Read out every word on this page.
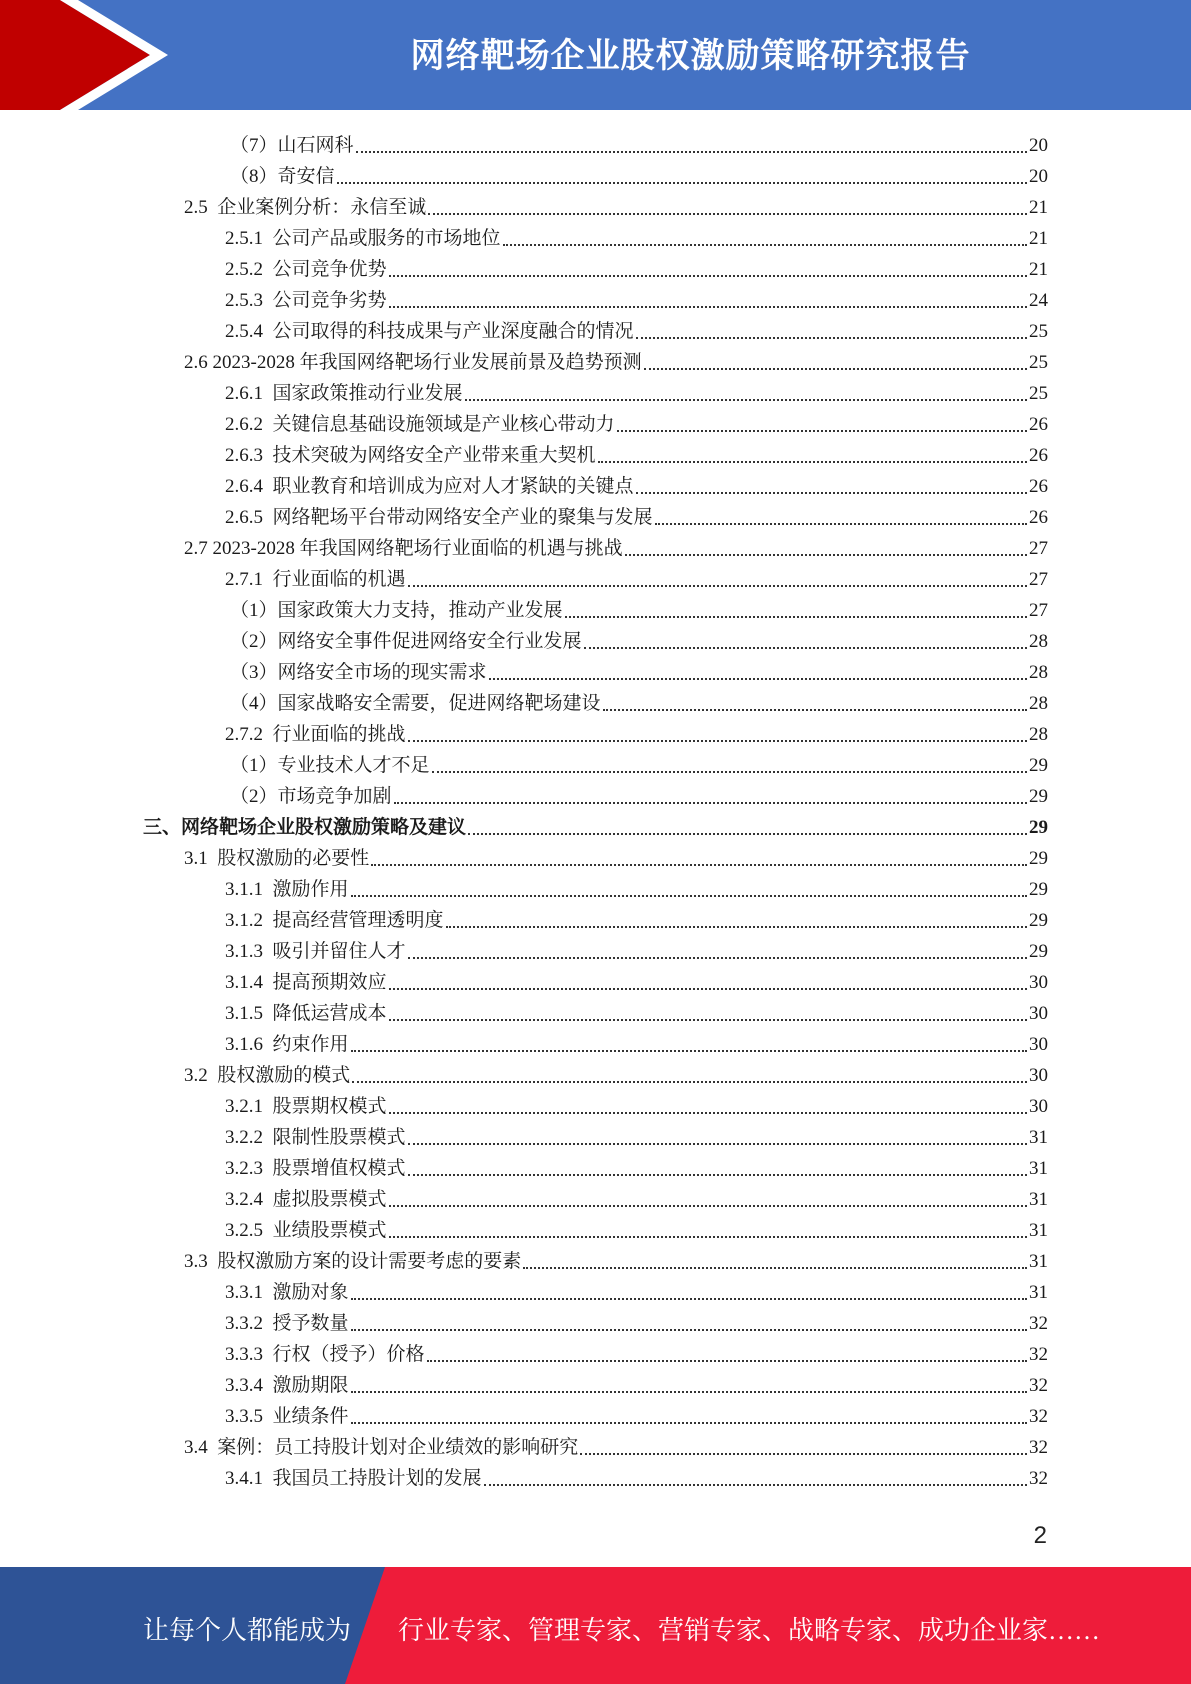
网络靶场企业股权激励策略研究报告
（7）山石网科	20
（8）奇安信	20
2.5  企业案例分析：永信至诚	21
2.5.1  公司产品或服务的市场地位	21
2.5.2  公司竞争优势	21
2.5.3  公司竞争劣势	24
2.5.4  公司取得的科技成果与产业深度融合的情况	25
2.6 2023-2028 年我国网络靶场行业发展前景及趋势预测	25
2.6.1  国家政策推动行业发展	25
2.6.2  关键信息基础设施领域是产业核心带动力	26
2.6.3  技术突破为网络安全产业带来重大契机	26
2.6.4  职业教育和培训成为应对人才紧缺的关键点	26
2.6.5  网络靶场平台带动网络安全产业的聚集与发展	26
2.7 2023-2028 年我国网络靶场行业面临的机遇与挑战	27
2.7.1  行业面临的机遇	27
（1）国家政策大力支持，推动产业发展	27
（2）网络安全事件促进网络安全行业发展	28
（3）网络安全市场的现实需求	28
（4）国家战略安全需要，促进网络靶场建设	28
2.7.2  行业面临的挑战	28
（1）专业技术人才不足	29
（2）市场竞争加剧	29
三、网络靶场企业股权激励策略及建议	29
3.1  股权激励的必要性	29
3.1.1  激励作用	29
3.1.2  提高经营管理透明度	29
3.1.3  吸引并留住人才	29
3.1.4  提高预期效应	30
3.1.5  降低运营成本	30
3.1.6  约束作用	30
3.2  股权激励的模式	30
3.2.1  股票期权模式	30
3.2.2  限制性股票模式	31
3.2.3  股票增值权模式	31
3.2.4  虚拟股票模式	31
3.2.5  业绩股票模式	31
3.3  股权激励方案的设计需要考虑的要素	31
3.3.1  激励对象	31
3.3.2  授予数量	32
3.3.3  行权（授予）价格	32
3.3.4  激励期限	32
3.3.5  业绩条件	32
3.4  案例：员工持股计划对企业绩效的影响研究	32
3.4.1  我国员工持股计划的发展	32
2
让每个人都能成为 行业专家、管理专家、营销专家、战略专家、成功企业家……
